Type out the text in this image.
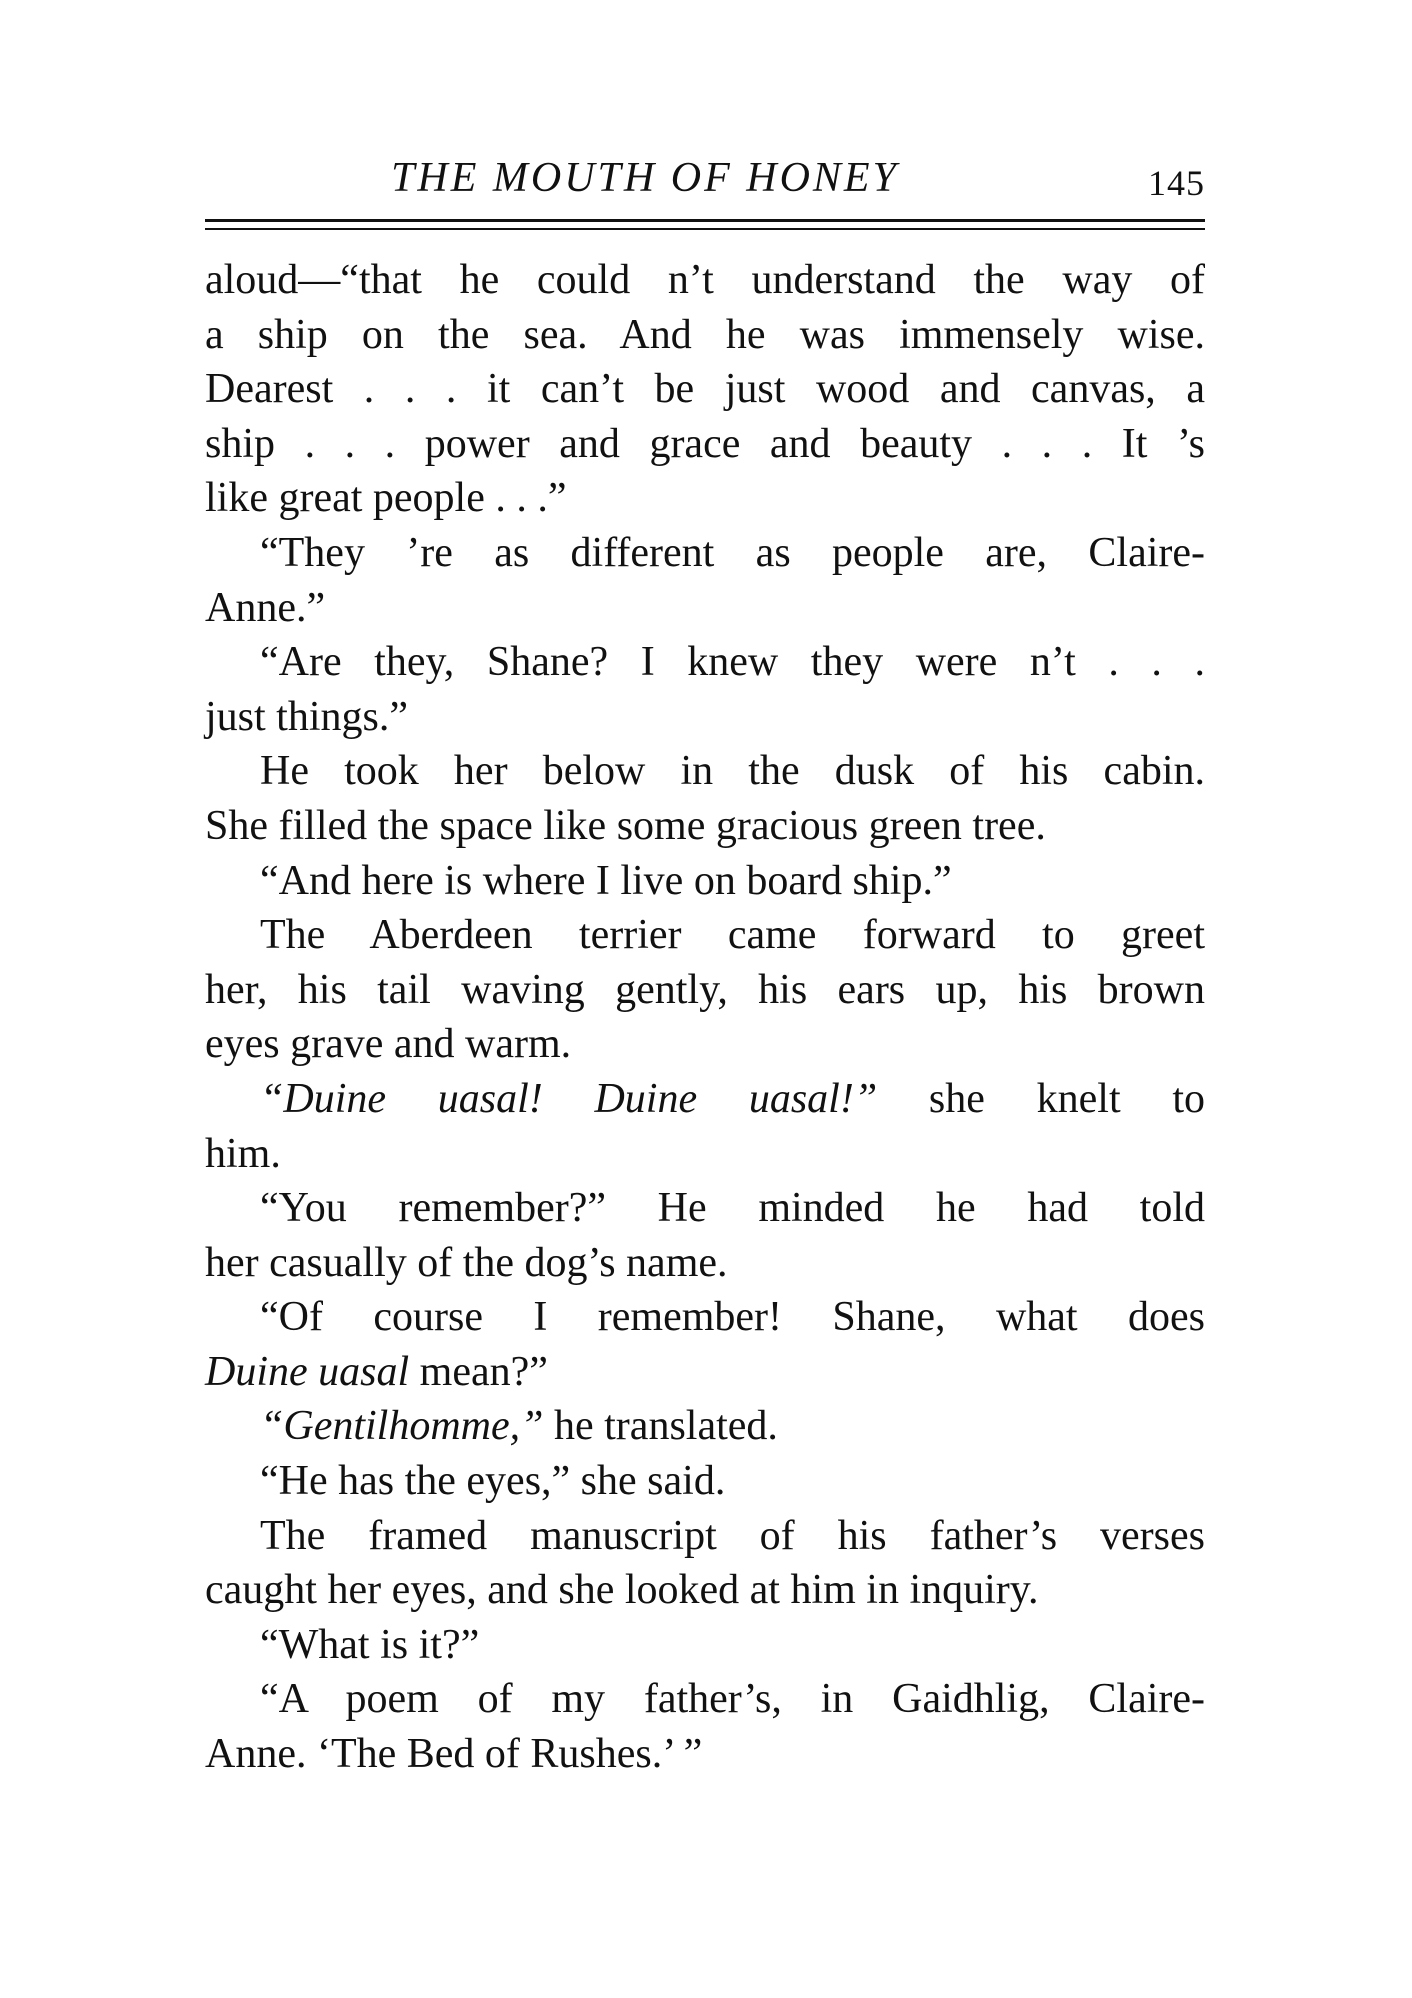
THE MOUTH OF HONEY	145

aloud—“that he could n’t understand the way of
a ship on the sea. And he was immensely wise.
Dearest . . . it can’t be just wood and canvas, a
ship . . . power and grace and beauty . . . It ’s
like great people . . .”

“They ’re as different as people are, Claire-
Anne.”

“Are they, Shane? I knew they were n’t . . .
just things.”

He took her below in the dusk of his cabin.
She filled the space like some gracious green tree.

“And here is where I live on board ship.”

The Aberdeen terrier came forward to greet
her, his tail waving gently, his ears up, his brown
eyes grave and warm.

“Duine uasal! Duine uasal!” she knelt to
him.

“You remember?” He minded he had told
her casually of the dog’s name.

“Of course I remember! Shane, what does
Duine uasal mean?”

“Gentilhomme,” he translated.

“He has the eyes,” she said.

The framed manuscript of his father’s verses
caught her eyes, and she looked at him in inquiry.

“What is it?”

“A poem of my father’s, in Gaidhlig, Claire-
Anne. ‘The Bed of Rushes.’ ”
